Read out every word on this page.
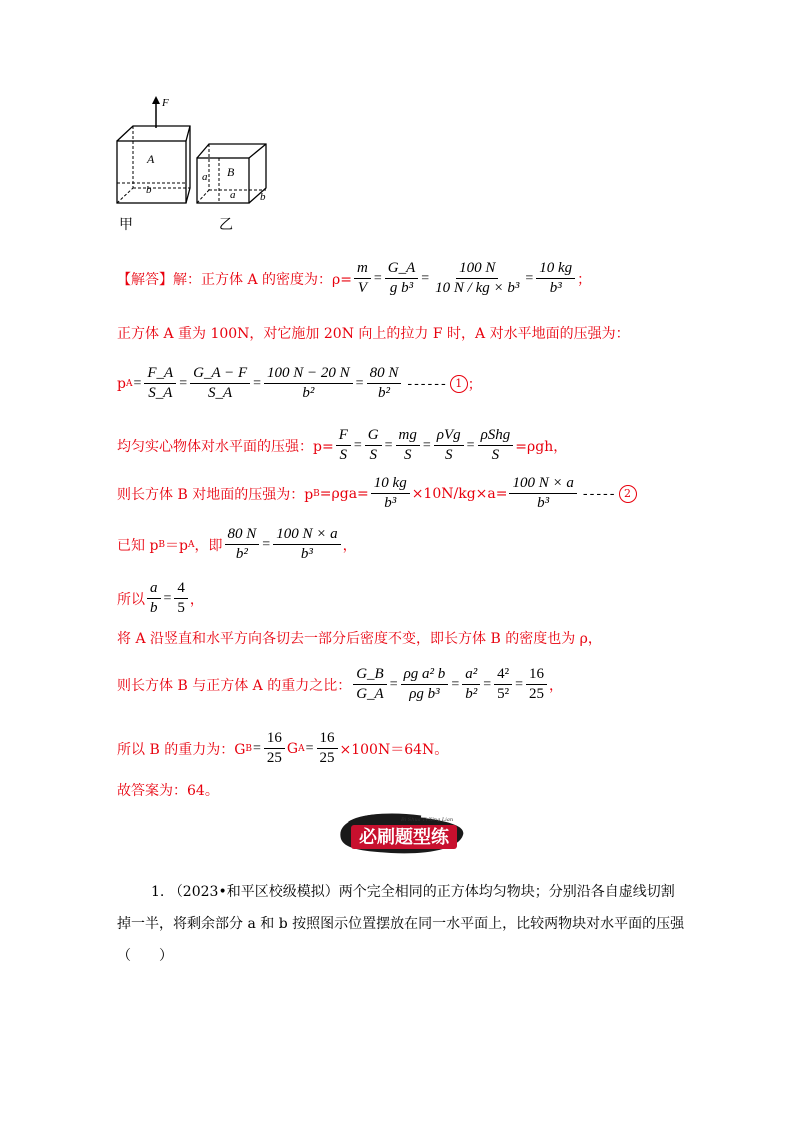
F
A
b
B
a
a b
甲	乙
【解答】解：正方体 A 的密度为：$\rho= \frac{m}{V} = \frac{G\_A}{\text{g b³}} = \frac{100 N}{\text{10 N / kg × b³}} = \frac{10 kg}{\text{b³}}$ ；
正方体 A 重为 100N，对它施加 20N 向上的拉力 F 时，A 对水平地面的压强为：
p $A = \frac{F\_A}{S\_A} = \frac{G\_A - F}{S\_A} = \frac{100 N - 20 N}{\text{b²}} = \frac{80 N}{\text{b²}}$ ------ 1 ；
均匀实心物体对水平面的压强：$p= \frac{F}{S} = \frac{G}{S} = \frac{mg}{S} = \frac{\text{ρVg}}{S} = \frac{\text{ρShg}}{S} =\rho gh$，
则长方体 B 对地面的压强为：p $B =\rho ga= \frac{10 kg}{\text{b³}} \times 10N/kg\times a= \frac{100 N \times a}{\text{b³}}$ ----- 2
已知 p B ＝p A ，即 $\frac{80 N}{\text{b²}} = \frac{100 N \times a}{\text{b³}}$ ，
所以 $\frac{a}{b} = \frac{4}{5}$ ，
将 A 沿竖直和水平方向各切去一部分后密度不变，即长方体 B 的密度也为 ρ，
则长方体 B 与正方体 A 的重力之比： $\frac{G\_B}{G\_A} = \frac{\text{ρg a² b}}{\text{ρg b³}} = \frac{\text{a²}}{\text{b²}} = \frac{\text{4²}}{\text{5²}} = \frac{16}{25}$ ，
所以 B 的重力为：G $B = \frac{16}{25}$ G $A = \frac{16}{25} \times 100N=64N$。
故答案为：64。
必刷题型练
Bi Shua Ti Xing Lian
1. （2023•和平区校级模拟）两个完全相同的正方体均匀物块；分别沿各自虚线切割掉一半，将剩余部分 a 和 b 按照图示位置摆放在同一水平面上，比较两物块对水平面的压强（　　）
